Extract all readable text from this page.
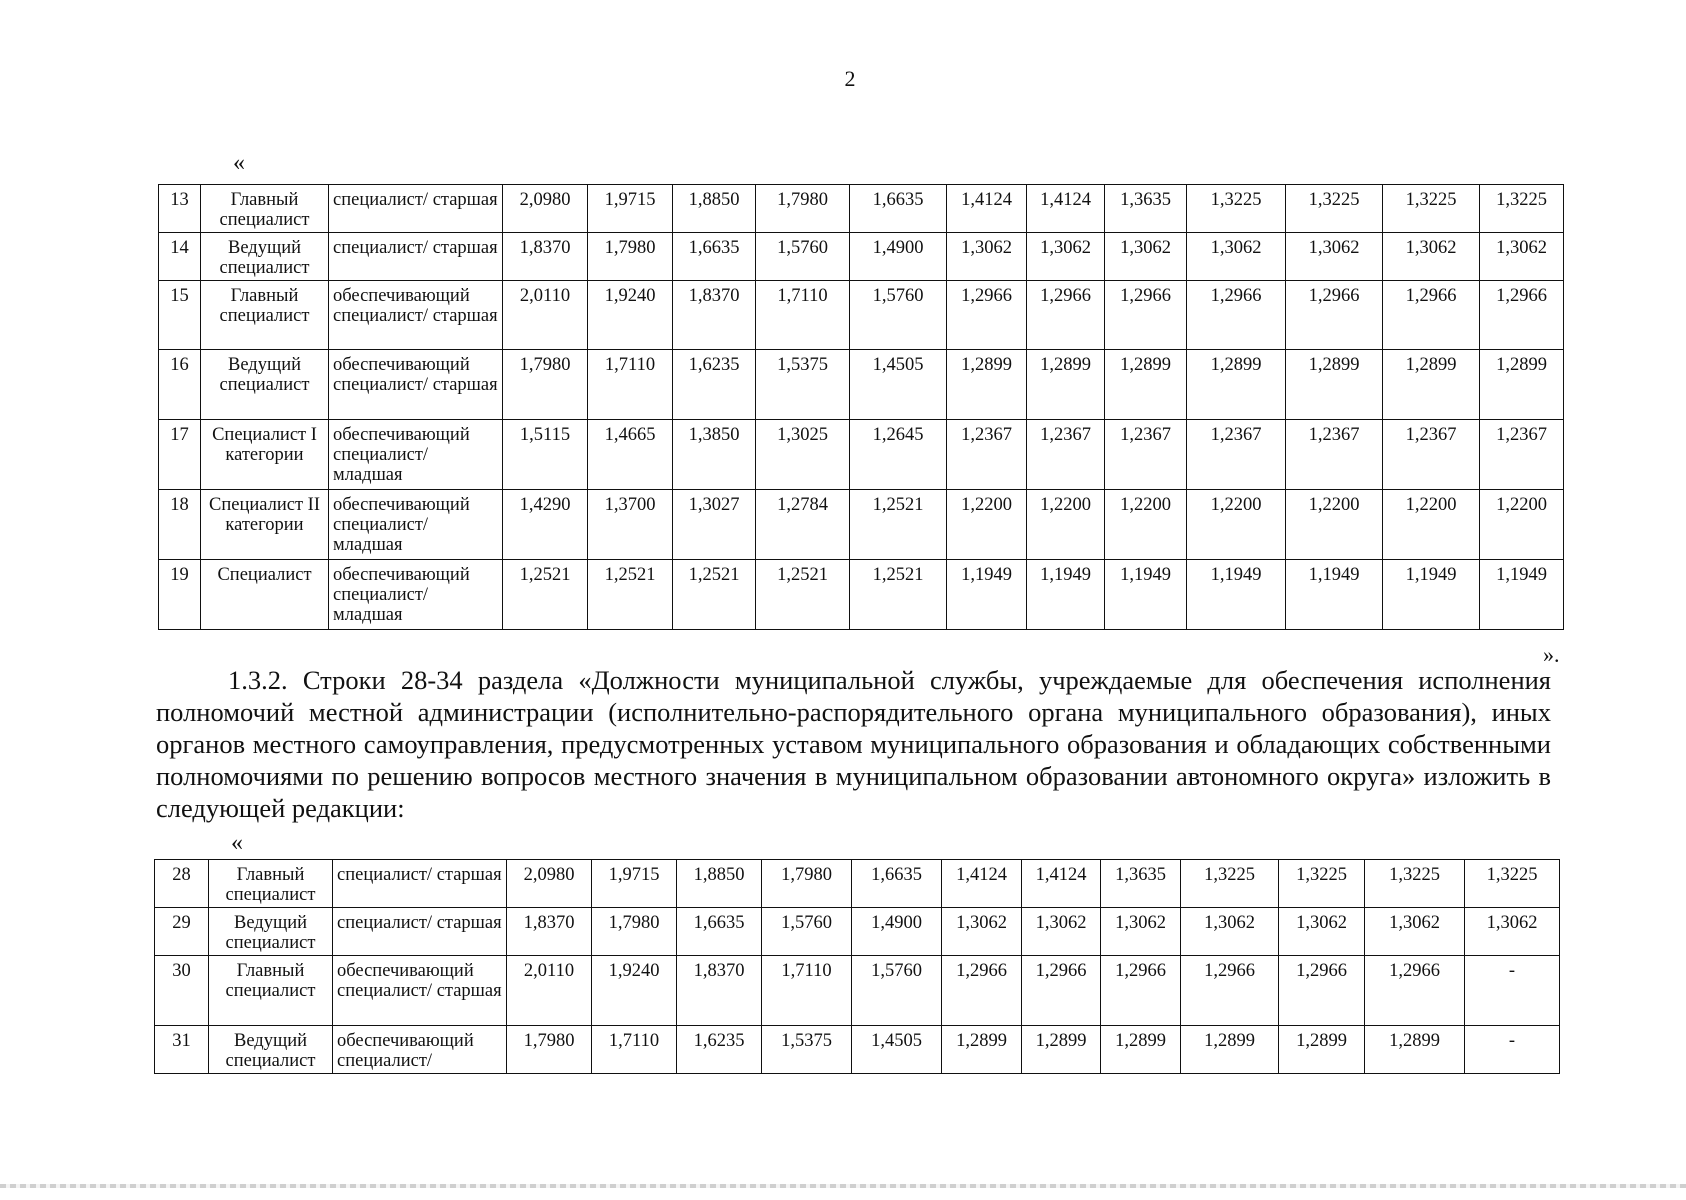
2
«
13	Главный специалист	специалист/ старшая	2,0980	1,9715	1,8850	1,7980	1,6635	1,4124	1,4124	1,3635	1,3225	1,3225	1,3225	1,3225
14	Ведущий специалист	специалист/ старшая	1,8370	1,7980	1,6635	1,5760	1,4900	1,3062	1,3062	1,3062	1,3062	1,3062	1,3062	1,3062
15	Главный специалист	обеспечивающий специалист/ старшая	2,0110	1,9240	1,8370	1,7110	1,5760	1,2966	1,2966	1,2966	1,2966	1,2966	1,2966	1,2966
16	Ведущий специалист	обеспечивающий специалист/ старшая	1,7980	1,7110	1,6235	1,5375	1,4505	1,2899	1,2899	1,2899	1,2899	1,2899	1,2899	1,2899
17	Специалист I категории	обеспечивающий специалист/ младшая	1,5115	1,4665	1,3850	1,3025	1,2645	1,2367	1,2367	1,2367	1,2367	1,2367	1,2367	1,2367
18	Специалист II категории	обеспечивающий специалист/ младшая	1,4290	1,3700	1,3027	1,2784	1,2521	1,2200	1,2200	1,2200	1,2200	1,2200	1,2200	1,2200
19	Специалист	обеспечивающий специалист/ младшая	1,2521	1,2521	1,2521	1,2521	1,2521	1,1949	1,1949	1,1949	1,1949	1,1949	1,1949	1,1949
».
1.3.2. Строки 28-34 раздела «Должности муниципальной службы, учреждаемые для обеспечения исполнения полномочий местной администрации (исполнительно-распорядительного органа муниципального образования), иных органов местного самоуправления, предусмотренных уставом муниципального образования и обладающих собственными полномочиями по решению вопросов местного значения в муниципальном образовании автономного округа» изложить в следующей редакции:
«
28	Главный специалист	специалист/ старшая	2,0980	1,9715	1,8850	1,7980	1,6635	1,4124	1,4124	1,3635	1,3225	1,3225	1,3225	1,3225
29	Ведущий специалист	специалист/ старшая	1,8370	1,7980	1,6635	1,5760	1,4900	1,3062	1,3062	1,3062	1,3062	1,3062	1,3062	1,3062
30	Главный специалист	обеспечивающий специалист/ старшая	2,0110	1,9240	1,8370	1,7110	1,5760	1,2966	1,2966	1,2966	1,2966	1,2966	1,2966	-
31	Ведущий специалист	обеспечивающий специалист/	1,7980	1,7110	1,6235	1,5375	1,4505	1,2899	1,2899	1,2899	1,2899	1,2899	1,2899	-
